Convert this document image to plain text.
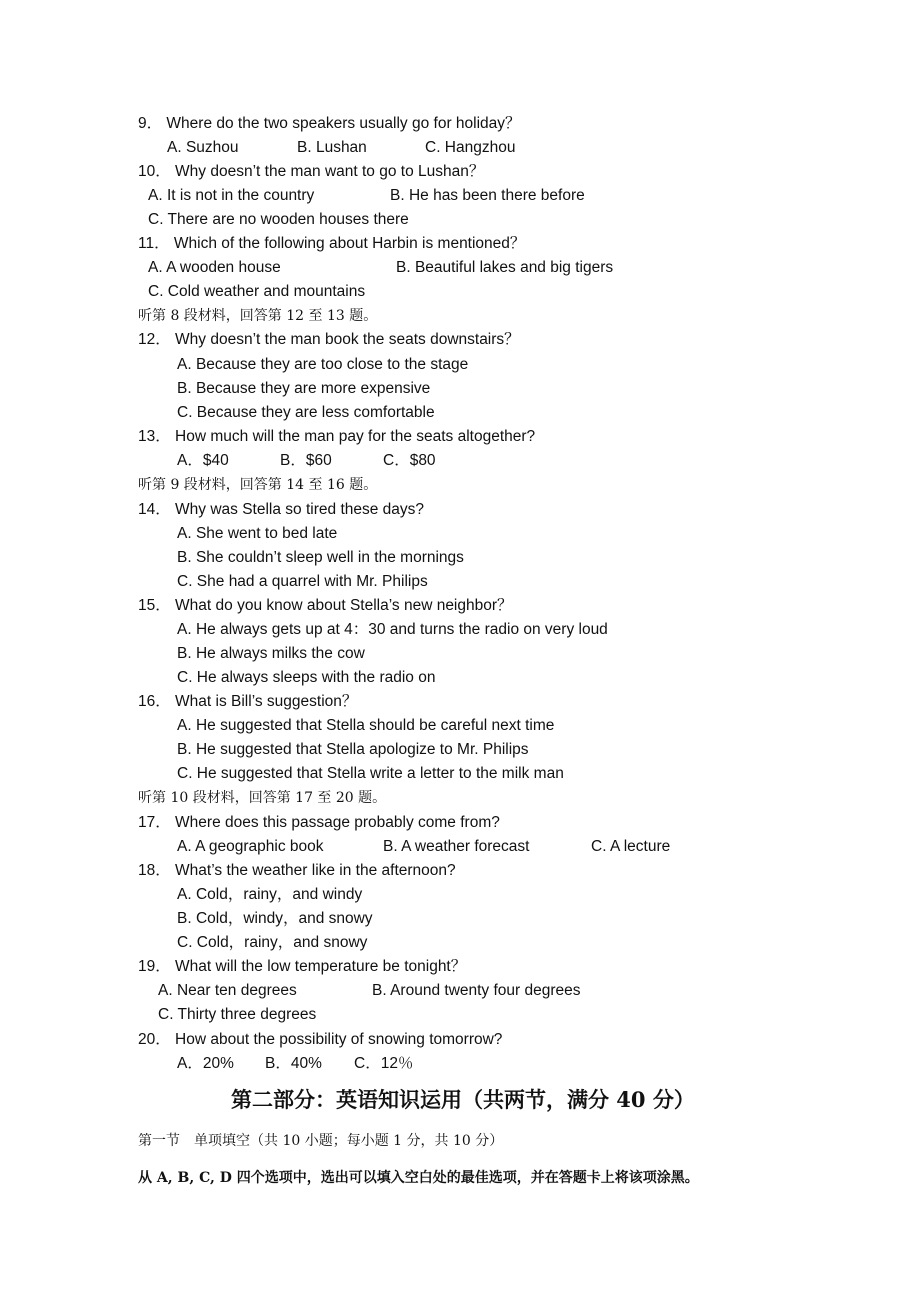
9． Where do the two speakers usually go for holiday？
A. Suzhou	B. Lushan	C. Hangzhou
10． Why doesn’t the man want to go to Lushan？
A. It is not in the country	B. He has been there before
C. There are no wooden houses there
11． Which of the following about Harbin is mentioned？
A. A wooden house	B. Beautiful lakes and big tigers
C. Cold weather and mountains
听第 8 段材料，回答第 12 至 13 题。
12． Why doesn’t the man book the seats downstairs？
A. Because they are too close to the stage
B. Because they are more expensive
C. Because they are less comfortable
13． How much will the man pay for the seats altogether?
A．$40	B．$60	C．$80
听第 9 段材料，回答第 14 至 16 题。
14． Why was Stella so tired these days?
A. She went to bed late
B. She couldn’t sleep well in the mornings
C. She had a quarrel with Mr. Philips
15． What do you know about Stella’s new neighbor？
A. He always gets up at 4：30 and turns the radio on very loud
B. He always milks the cow
C. He always sleeps with the radio on
16． What is Bill’s suggestion？
A. He suggested that Stella should be careful next time
B. He suggested that Stella apologize to Mr. Philips
C. He suggested that Stella write a letter to the milk man
听第 10 段材料，回答第 17 至 20 题。
17． Where does this passage probably come from?
A. A geographic book	B. A weather forecast	C. A lecture
18． What’s the weather like in the afternoon?
A. Cold，rainy，and windy
B. Cold，windy，and snowy
C. Cold，rainy，and snowy
19． What will the low temperature be tonight？
A. Near ten degrees	B. Around twenty four degrees
C. Thirty three degrees
20． How about the possibility of snowing tomorrow?
A．20% B．40% C．12％
第二部分：英语知识运用（共两节，满分 40 分）
第一节　单项填空（共 10 小题；每小题 1 分，共 10 分）
从 A, B, C, D 四个选项中，选出可以填入空白处的最佳选项，并在答题卡上将该项涂黑。
